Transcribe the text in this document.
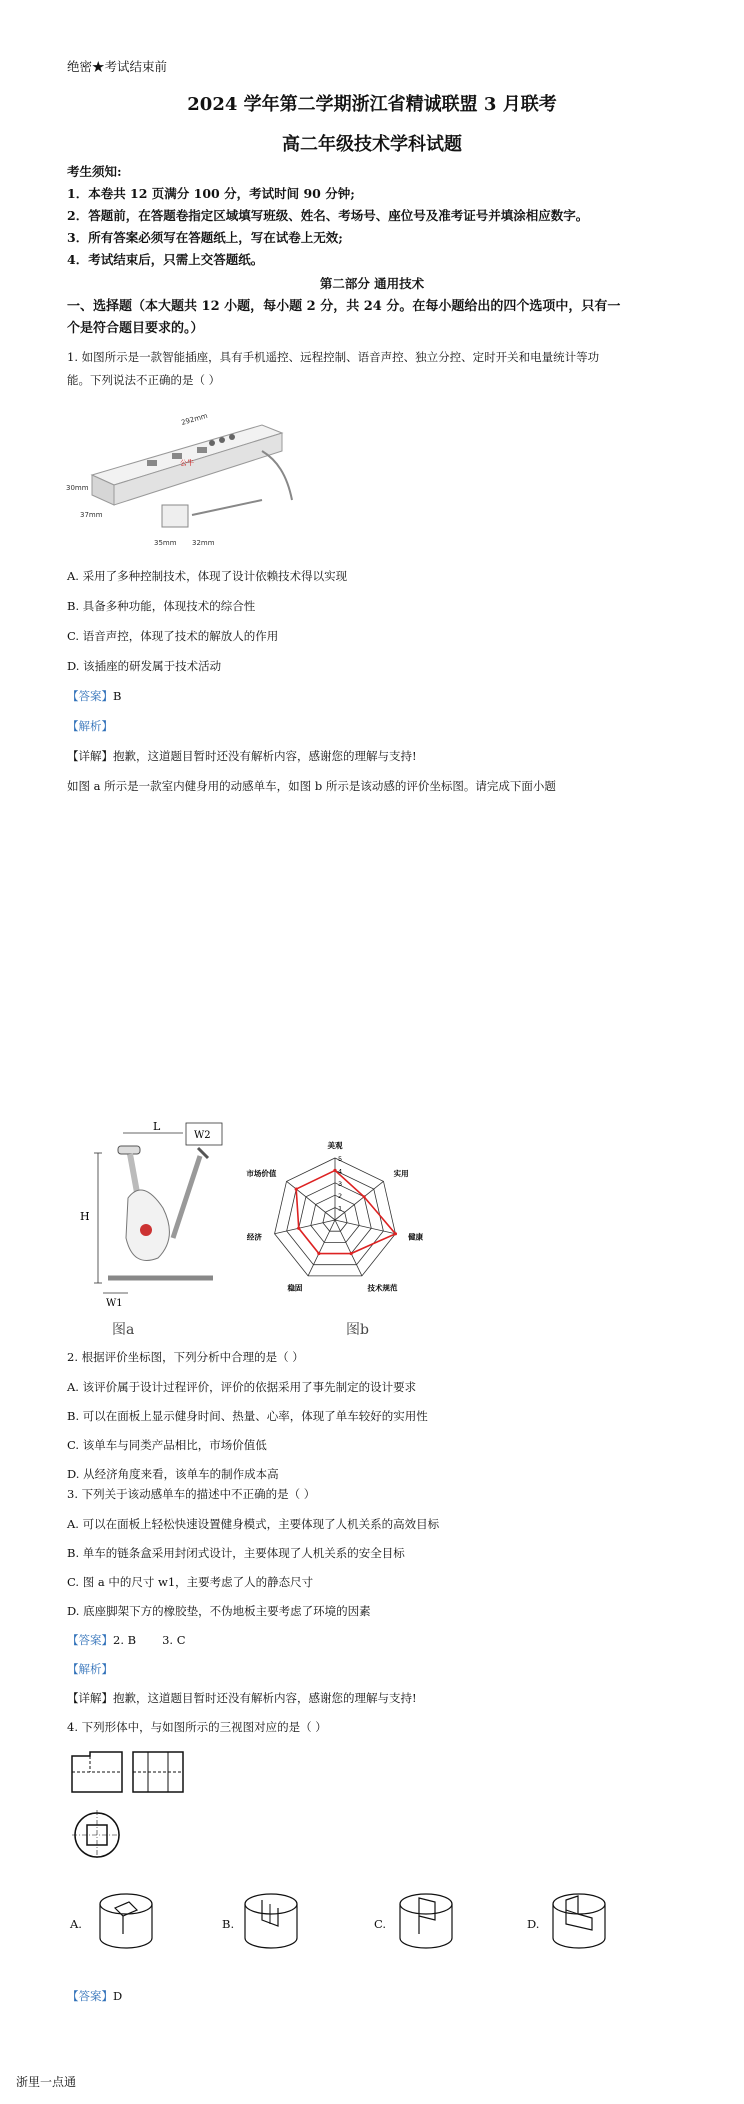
绝密★考试结束前
2024 学年第二学期浙江省精诚联盟 3 月联考
高二年级技术学科试题
考生须知:
1．本卷共 12 页满分 100 分，考试时间 90 分钟;
2．答题前，在答题卷指定区域填写班级、姓名、考场号、座位号及准考证号并填涂相应数字。
3．所有答案必须写在答题纸上，写在试卷上无效;
4．考试结束后，只需上交答题纸。
第二部分 通用技术
一、选择题（本大题共 12 小题，每小题 2 分，共 24 分。在每小题给出的四个选项中，只有一
个是符合题目要求的。）
1. 如图所示是一款智能插座，具有手机遥控、远程控制、语音声控、独立分控、定时开关和电量统计等功
能。下列说法不正确的是（ ）
公牛
292mm
30mm
37mm
35mm 32mm
A. 采用了多种控制技术，体现了设计依赖技术得以实现
B. 具备多种功能，体现技术的综合性
C. 语音声控，体现了技术的解放人的作用
D. 该插座的研发属于技术活动
【答案】B
【解析】
【详解】抱歉，这道题目暂时还没有解析内容，感谢您的理解与支持!
如图 a 所示是一款室内健身用的动感单车，如图 b 所示是该动感的评价坐标图。请完成下面小题
H
L
W2
W1
图a
美观
实用
健康
技术规范
稳固
经济
市场价值
5
4
3
2
1
图b
2. 根据评价坐标图，下列分析中合理的是（ ）
A. 该评价属于设计过程评价，评价的依据采用了事先制定的设计要求
B. 可以在面板上显示健身时间、热量、心率，体现了单车较好的实用性
C. 该单车与同类产品相比，市场价值低
D. 从经济角度来看，该单车的制作成本高
3. 下列关于该动感单车的描述中不正确的是（ ）
A. 可以在面板上轻松快速设置健身模式，主要体现了人机关系的高效目标
B. 单车的链条盒采用封闭式设计，主要体现了人机关系的安全目标
C. 图 a 中的尺寸 w1，主要考虑了人的静态尺寸
D. 底座脚架下方的橡胶垫，不伪地板主要考虑了环境的因素
【答案】2. B 3. C
【解析】
【详解】抱歉，这道题目暂时还没有解析内容，感谢您的理解与支持!
4. 下列形体中，与如图所示的三视图对应的是（ ）
A.	B.	C.	D.
【答案】D
浙里一点通
